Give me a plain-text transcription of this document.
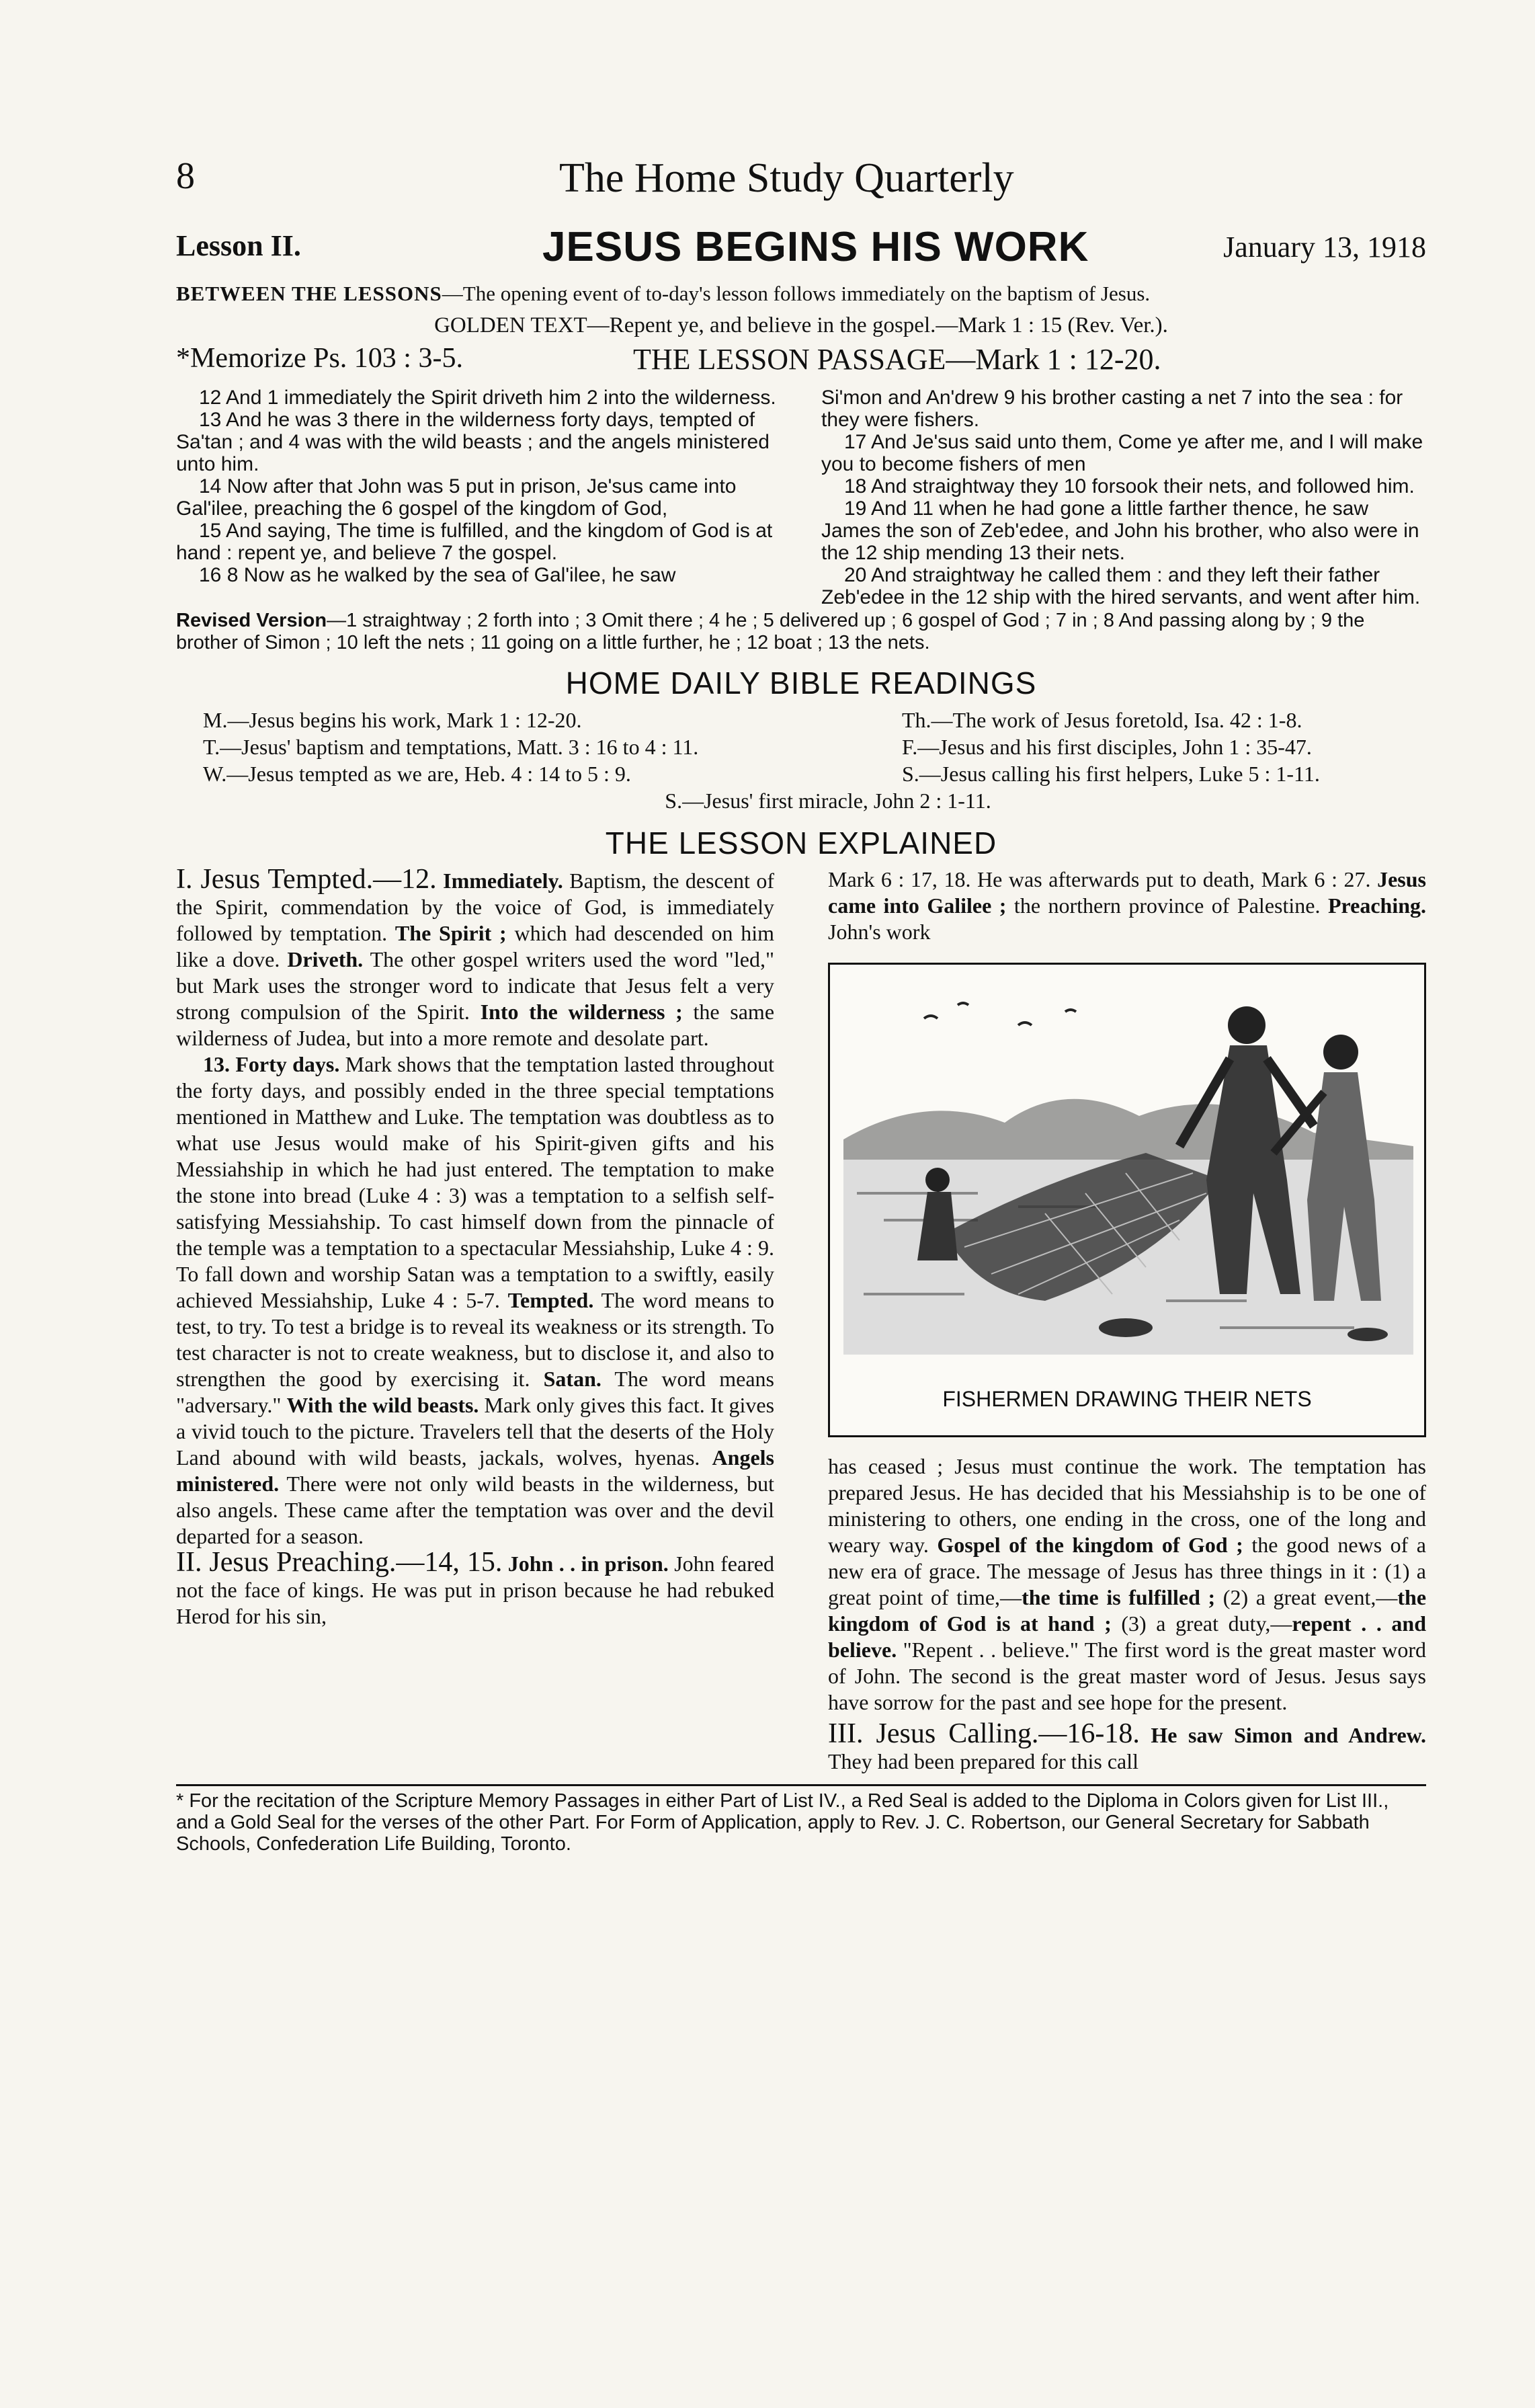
8	The Home Study Quarterly
Lesson II.	JESUS BEGINS HIS WORK	January 13, 1918
BETWEEN THE LESSONS—The opening event of to-day's lesson follows immediately on the baptism of Jesus.
GOLDEN TEXT—Repent ye, and believe in the gospel.—Mark 1 : 15 (Rev. Ver.).
*Memorize Ps. 103 : 3-5.	THE LESSON PASSAGE—Mark 1 : 12-20.

12 And 1 immediately the Spirit driveth him 2 into the wilderness.

13 And he was 3 there in the wilderness forty days, tempted of Sa'tan ; and 4 was with the wild beasts ; and the angels ministered unto him.

14 Now after that John was 5 put in prison, Je'sus came into Gal'ilee, preaching the 6 gospel of the kingdom of God,

15 And saying, The time is fulfilled, and the kingdom of God is at hand : repent ye, and believe 7 the gospel.

16 8 Now as he walked by the sea of Gal'ilee, he saw

Si'mon and An'drew 9 his brother casting a net 7 into the sea : for they were fishers.

17 And Je'sus said unto them, Come ye after me, and I will make you to become fishers of men

18 And straightway they 10 forsook their nets, and followed him.

19 And 11 when he had gone a little farther thence, he saw James the son of Zeb'edee, and John his brother, who also were in the 12 ship mending 13 their nets.

20 And straightway he called them : and they left their father Zeb'edee in the 12 ship with the hired servants, and went after him.

Revised Version—1 straightway ; 2 forth into ; 3 Omit there ; 4 he ; 5 delivered up ; 6 gospel of God ; 7 in ; 8 And passing along by ; 9 the brother of Simon ; 10 left the nets ; 11 going on a little further, he ; 12 boat ; 13 the nets.
HOME DAILY BIBLE READINGS
M.—Jesus begins his work, Mark 1 : 12-20.	Th.—The work of Jesus foretold, Isa. 42 : 1-8.
T.—Jesus' baptism and temptations, Matt. 3 : 16 to 4 : 11.	F.—Jesus and his first disciples, John 1 : 35-47.
W.—Jesus tempted as we are, Heb. 4 : 14 to 5 : 9.	S.—Jesus calling his first helpers, Luke 5 : 1-11.
S.—Jesus' first miracle, John 2 : 1-11.
THE LESSON EXPLAINED

I. Jesus Tempted.—12. Immediately. Baptism, the descent of the Spirit, commendation by the voice of God, is immediately followed by temptation. The Spirit ; which had descended on him like a dove. Driveth. The other gospel writers used the word "led," but Mark uses the stronger word to indicate that Jesus felt a very strong compulsion of the Spirit. Into the wilderness ; the same wilderness of Judea, but into a more remote and desolate part.

13. Forty days. Mark shows that the temptation lasted throughout the forty days, and possibly ended in the three special temptations mentioned in Matthew and Luke. The temptation was doubtless as to what use Jesus would make of his Spirit-given gifts and his Messiahship in which he had just entered. The temptation to make the stone into bread (Luke 4 : 3) was a temptation to a selfish self-satisfying Messiahship. To cast himself down from the pinnacle of the temple was a temptation to a spectacular Messiahship, Luke 4 : 9. To fall down and worship Satan was a temptation to a swiftly, easily achieved Messiahship, Luke 4 : 5-7. Tempted. The word means to test, to try. To test a bridge is to reveal its weakness or its strength. To test character is not to create weakness, but to disclose it, and also to strengthen the good by exercising it. Satan. The word means "adversary." With the wild beasts. Mark only gives this fact. It gives a vivid touch to the picture. Travelers tell that the deserts of the Holy Land abound with wild beasts, jackals, wolves, hyenas. Angels ministered. There were not only wild beasts in the wilderness, but also angels. These came after the temptation was over and the devil departed for a season.

II. Jesus Preaching.—14, 15. John . . in prison. John feared not the face of kings. He was put in prison because he had rebuked Herod for his sin,

Mark 6 : 17, 18. He was afterwards put to death, Mark 6 : 27. Jesus came into Galilee ; the northern province of Palestine. Preaching. John's work

FISHERMEN DRAWING THEIR NETS

has ceased ; Jesus must continue the work. The temptation has prepared Jesus. He has decided that his Messiahship is to be one of ministering to others, one ending in the cross, one of the long and weary way. Gospel of the kingdom of God ; the good news of a new era of grace. The message of Jesus has three things in it : (1) a great point of time,—the time is fulfilled ; (2) a great event,—the kingdom of God is at hand ; (3) a great duty,—repent . . and believe. "Repent . . believe." The first word is the great master word of John. The second is the great master word of Jesus. Jesus says have sorrow for the past and see hope for the present.

III. Jesus Calling.—16-18. He saw Simon and Andrew. They had been prepared for this call

* For the recitation of the Scripture Memory Passages in either Part of List IV., a Red Seal is added to the Diploma in Colors given for List III., and a Gold Seal for the verses of the other Part. For Form of Application, apply to Rev. J. C. Robertson, our General Secretary for Sabbath Schools, Confederation Life Building, Toronto.
